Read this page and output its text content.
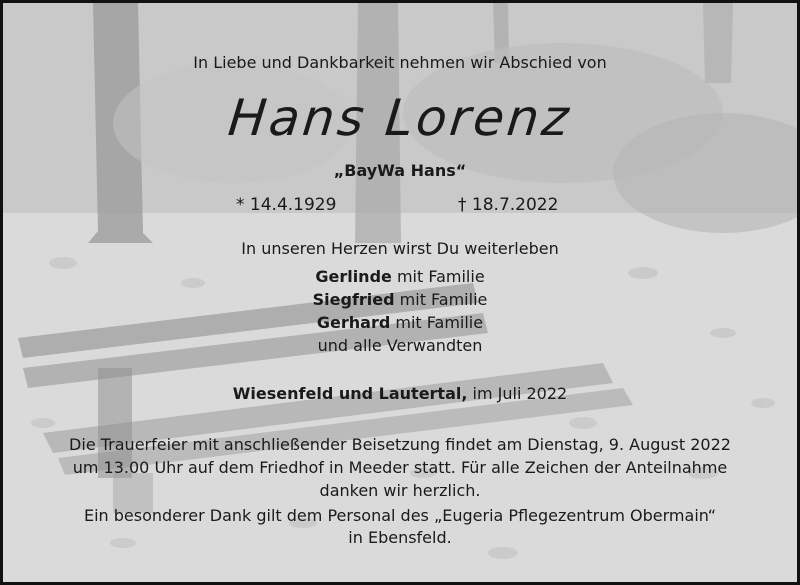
In Liebe und Dankbarkeit nehmen wir Abschied von
Hans Lorenz
„BayWa Hans“
* 14.4.1929	† 18.7.2022
In unseren Herzen wirst Du weiterleben
Gerlinde mit Familie
Siegfried mit Familie
Gerhard mit Familie
und alle Verwandten
Wiesenfeld und Lautertal, im Juli 2022
Die Trauerfeier mit anschließender Beisetzung findet am Dienstag, 9. August 2022
um 13.00 Uhr auf dem Friedhof in Meeder statt. Für alle Zeichen der Anteilnahme
danken wir herzlich.
Ein besonderer Dank gilt dem Personal des „Eugeria Pflegezentrum Obermain“
in Ebensfeld.
